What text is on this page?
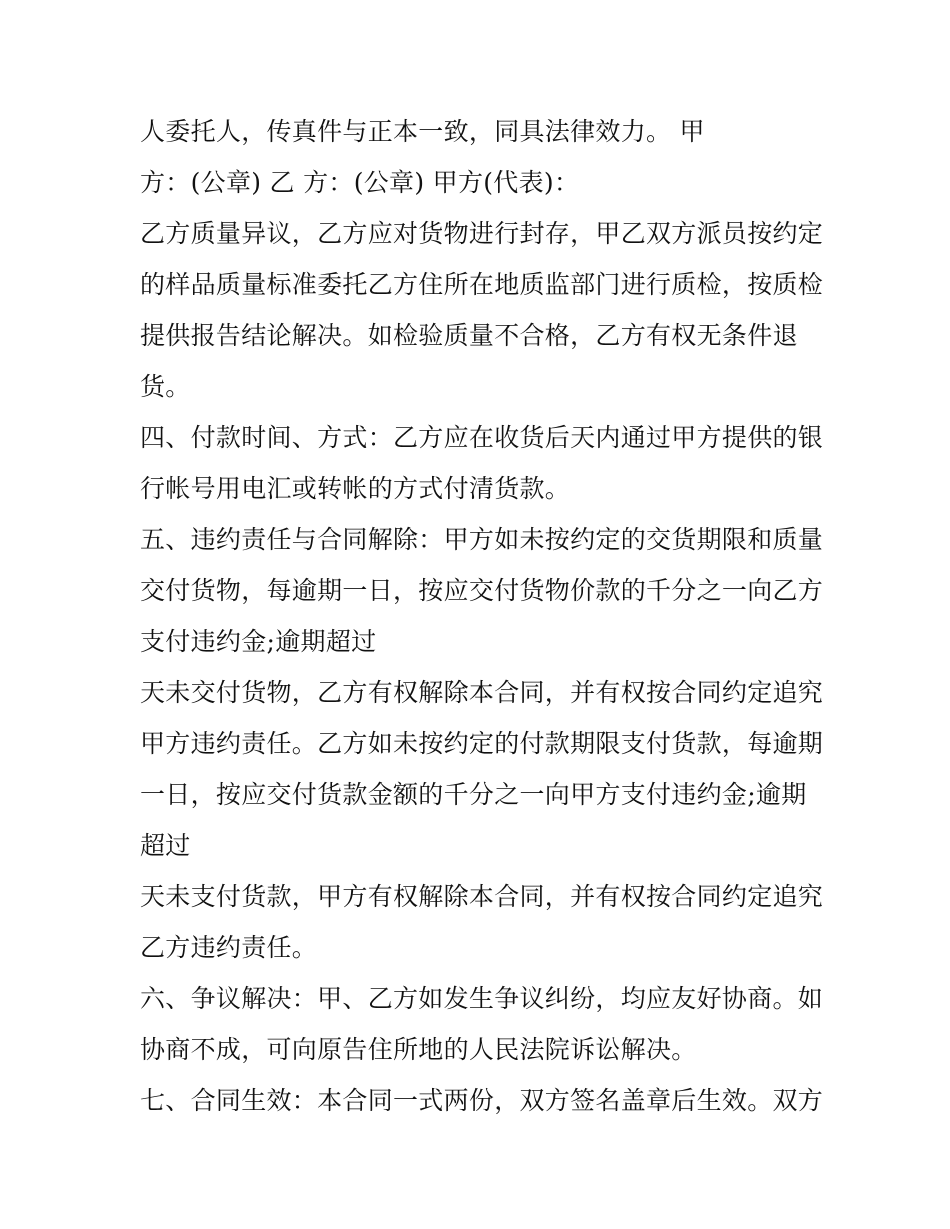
人委托人，传真件与正本一致，同具法律效力。 甲
方：(公章) 乙 方：(公章) 甲方(代表)：
乙方质量异议，乙方应对货物进行封存，甲乙双方派员按约定
的样品质量标准委托乙方住所在地质监部门进行质检，按质检
提供报告结论解决。如检验质量不合格，乙方有权无条件退
货。
四、付款时间、方式：乙方应在收货后天内通过甲方提供的银
行帐号用电汇或转帐的方式付清货款。
五、违约责任与合同解除：甲方如未按约定的交货期限和质量
交付货物，每逾期一日，按应交付货物价款的千分之一向乙方
支付违约金;逾期超过
天未交付货物，乙方有权解除本合同，并有权按合同约定追究
甲方违约责任。乙方如未按约定的付款期限支付货款，每逾期
一日，按应交付货款金额的千分之一向甲方支付违约金;逾期
超过
天未支付货款，甲方有权解除本合同，并有权按合同约定追究
乙方违约责任。
六、争议解决：甲、乙方如发生争议纠纷，均应友好协商。如
协商不成，可向原告住所地的人民法院诉讼解决。
七、合同生效：本合同一式两份，双方签名盖章后生效。双方
